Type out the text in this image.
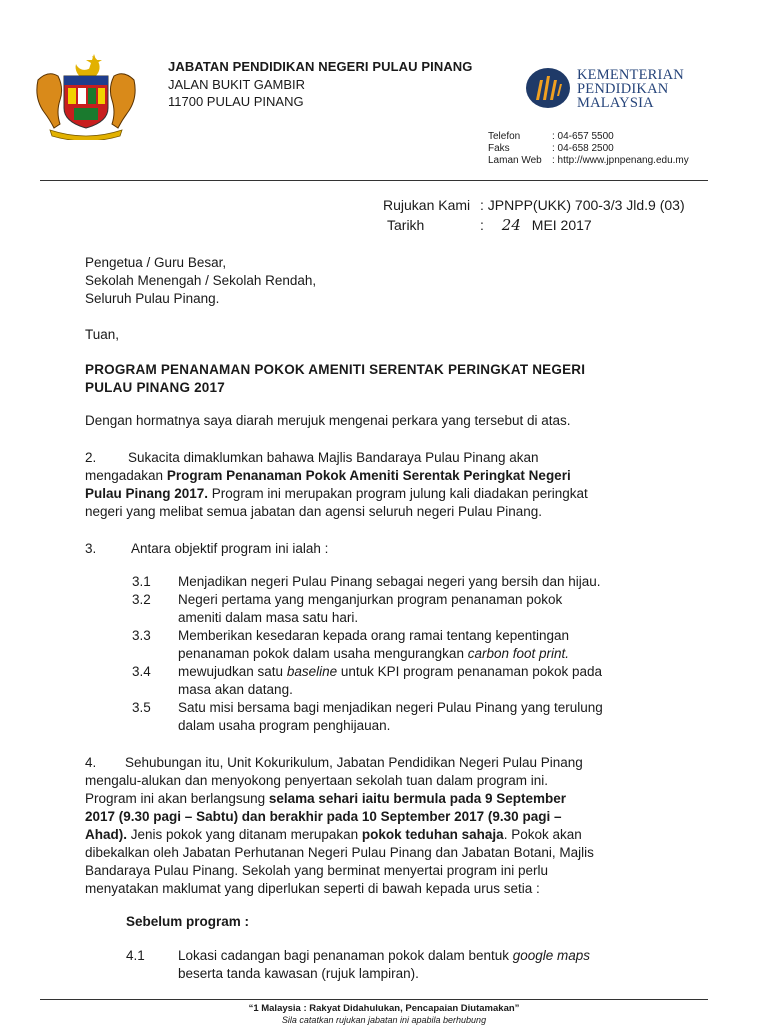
JABATAN PENDIDIKAN NEGERI PULAU PINANG
JALAN BUKIT GAMBIR
11700 PULAU PINANG
KEMENTERIAN
PENDIDIKAN
MALAYSIA
Telefon	: 04-657 5500
Faks	: 04-658 2500
Laman Web : http://www.jpnpenang.edu.my
Rujukan Kami : JPNPP(UKK) 700-3/3 Jld.9 (03)
Tarikh	: 24 MEI 2017
Pengetua / Guru Besar,
Sekolah Menengah / Sekolah Rendah,
Seluruh Pulau Pinang.
Tuan,
PROGRAM PENANAMAN POKOK AMENITI SERENTAK PERINGKAT NEGERI
PULAU PINANG 2017
Dengan hormatnya saya diarah merujuk mengenai perkara yang tersebut di atas.
2. Sukacita dimaklumkan bahawa Majlis Bandaraya Pulau Pinang akan
mengadakan Program Penanaman Pokok Ameniti Serentak Peringkat Negeri
Pulau Pinang 2017. Program ini merupakan program julung kali diadakan peringkat
negeri yang melibat semua jabatan dan agensi seluruh negeri Pulau Pinang.
3.	Antara objektif program ini ialah :
3.1 Menjadikan negeri Pulau Pinang sebagai negeri yang bersih dan hijau.
3.2 Negeri pertama yang menganjurkan program penanaman pokok
ameniti dalam masa satu hari.
3.3 Memberikan kesedaran kepada orang ramai tentang kepentingan
penanaman pokok dalam usaha mengurangkan carbon foot print.
3.4 mewujudkan satu baseline untuk KPI program penanaman pokok pada
masa akan datang.
3.5 Satu misi bersama bagi menjadikan negeri Pulau Pinang yang terulung
dalam usaha program penghijauan.
4. Sehubungan itu, Unit Kokurikulum, Jabatan Pendidikan Negeri Pulau Pinang
mengalu-alukan dan menyokong penyertaan sekolah tuan dalam program ini.
Program ini akan berlangsung selama sehari iaitu bermula pada 9 September
2017 (9.30 pagi – Sabtu) dan berakhir pada 10 September 2017 (9.30 pagi –
Ahad). Jenis pokok yang ditanam merupakan pokok teduhan sahaja. Pokok akan
dibekalkan oleh Jabatan Perhutanan Negeri Pulau Pinang dan Jabatan Botani, Majlis
Bandaraya Pulau Pinang. Sekolah yang berminat menyertai program ini perlu
menyatakan maklumat yang diperlukan seperti di bawah kepada urus setia :
Sebelum program :
4.1 Lokasi cadangan bagi penanaman pokok dalam bentuk google maps
beserta tanda kawasan (rujuk lampiran).
“1 Malaysia : Rakyat Didahulukan, Pencapaian Diutamakan”
Sila catatkan rujukan jabatan ini apabila berhubung
